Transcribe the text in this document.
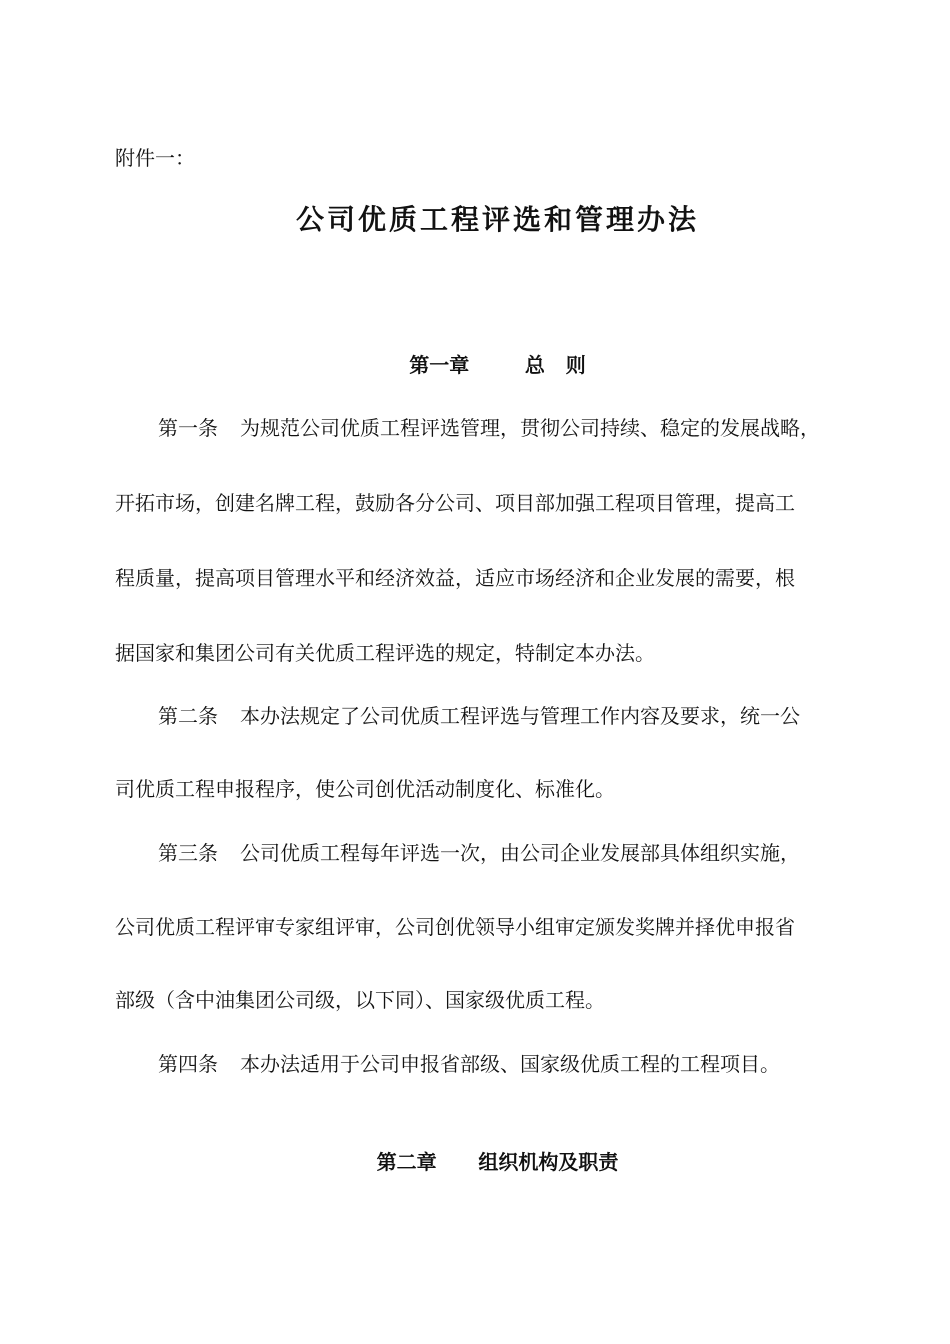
附件一：
公司优质工程评选和管理办法
第一章        总   则
第一条 为规范公司优质工程评选管理，贯彻公司持续、稳定的发展战略，
开拓市场，创建名牌工程，鼓励各分公司、项目部加强工程项目管理，提高工
程质量，提高项目管理水平和经济效益，适应市场经济和企业发展的需要，根
据国家和集团公司有关优质工程评选的规定，特制定本办法。
第二条 本办法规定了公司优质工程评选与管理工作内容及要求，统一公
司优质工程申报程序，使公司创优活动制度化、标准化。
第三条 公司优质工程每年评选一次，由公司企业发展部具体组织实施，
公司优质工程评审专家组评审，公司创优领导小组审定颁发奖牌并择优申报省
部级（含中油集团公司级，以下同）、国家级优质工程。
第四条 本办法适用于公司申报省部级、国家级优质工程的工程项目。
第二章      组织机构及职责
